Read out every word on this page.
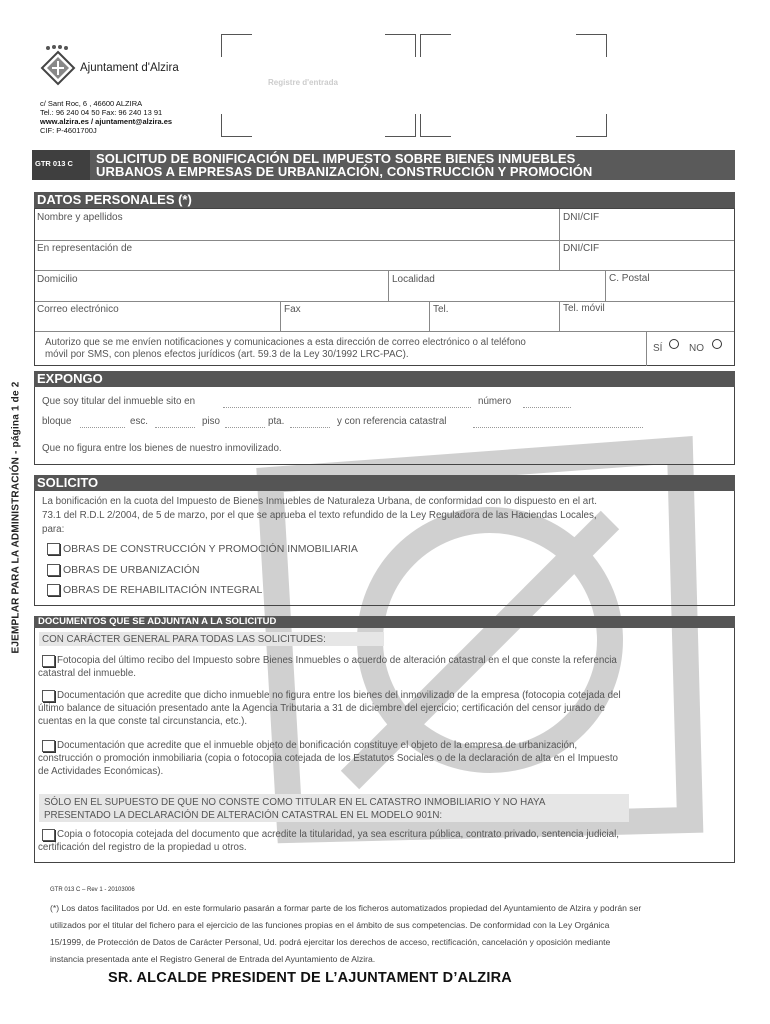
Ajuntament d'Alzira
c/ Sant Roc, 6 , 46600 ALZIRA
Tel.: 96 240 04 50 Fax: 96 240 13 91
www.alzira.es / ajuntament@alzira.es
CIF: P-4601700J
Registre d'entrada
GTR 013 C	SOLICITUD DE BONIFICACIÓN DEL IMPUESTO SOBRE BIENES INMUEBLES
URBANOS A EMPRESAS DE URBANIZACIÓN, CONSTRUCCIÓN Y PROMOCIÓN
EJEMPLAR PARA LA ADMINISTRACIÓN - página 1 de 2
DATOS PERSONALES (*)
Nombre y apellidos	DNI/CIF
En representación de	DNI/CIF
Domicilio	Localidad	C. Postal
Correo electrónico	Fax	Tel.	Tel. móvil
Autorizo que se me envíen notificaciones y comunicaciones a esta dirección de correo electrónico o al teléfono
móvil por SMS, con plenos efectos jurídicos (art. 59.3 de la Ley 30/1992 LRC-PAC).
SÍ	NO
EXPONGO
Que soy titular del inmueble sito en	número
bloque	esc.	piso	pta.	y con referencia catastral
Que no figura entre los bienes de nuestro inmovilizado.
SOLICITO
La bonificación en la cuota del Impuesto de Bienes Inmuebles de Naturaleza Urbana, de conformidad con lo dispuesto en el art.
73.1 del R.D.L 2/2004, de 5 de marzo, por el que se aprueba el texto refundido de la Ley Reguladora de las Haciendas Locales,
para:
OBRAS DE CONSTRUCCIÓN Y PROMOCIÓN INMOBILIARIA
OBRAS DE URBANIZACIÓN
OBRAS DE REHABILITACIÓN INTEGRAL
DOCUMENTOS QUE SE ADJUNTAN A LA SOLICITUD
CON CARÁCTER GENERAL PARA TODAS LAS SOLICITUDES:
Fotocopia del último recibo del Impuesto sobre Bienes Inmuebles o acuerdo de alteración catastral en el que conste la referencia
catastral del inmueble.
Documentación que acredite que dicho inmueble no figura entre los bienes del inmovilizado de la empresa (fotocopia cotejada del
último balance de situación presentado ante la Agencia Tributaria a 31 de diciembre del ejercicio; certificación del censor jurado de
cuentas en la que conste tal circunstancia, etc.).
Documentación que acredite que el inmueble objeto de bonificación constituye el objeto de la empresa de urbanización,
construcción o promoción inmobiliaria (copia o fotocopia cotejada de los Estatutos Sociales o de la declaración de alta en el Impuesto
de Actividades Económicas).
SÓLO EN EL SUPUESTO DE QUE NO CONSTE COMO TITULAR EN EL CATASTRO INMOBILIARIO Y NO HAYA
PRESENTADO LA DECLARACIÓN DE ALTERACIÓN CATASTRAL EN EL MODELO 901N:
Copia o fotocopia cotejada del documento que acredite la titularidad, ya sea escritura pública, contrato privado, sentencia judicial,
certificación del registro de la propiedad u otros.
GTR 013 C – Rev 1 - 20103006
(*) Los datos facilitados por Ud. en este formulario pasarán a formar parte de los ficheros automatizados propiedad del Ayuntamiento de Alzira y podrán ser
utilizados por el titular del fichero para el ejercicio de las funciones propias en el ámbito de sus competencias. De conformidad con la Ley Orgánica
15/1999, de Protección de Datos de Carácter Personal, Ud. podrá ejercitar los derechos de acceso, rectificación, cancelación y oposición mediante
instancia presentada ante el Registro General de Entrada del Ayuntamiento de Alzira.
SR. ALCALDE PRESIDENT DE L’AJUNTAMENT D’ALZIRA
